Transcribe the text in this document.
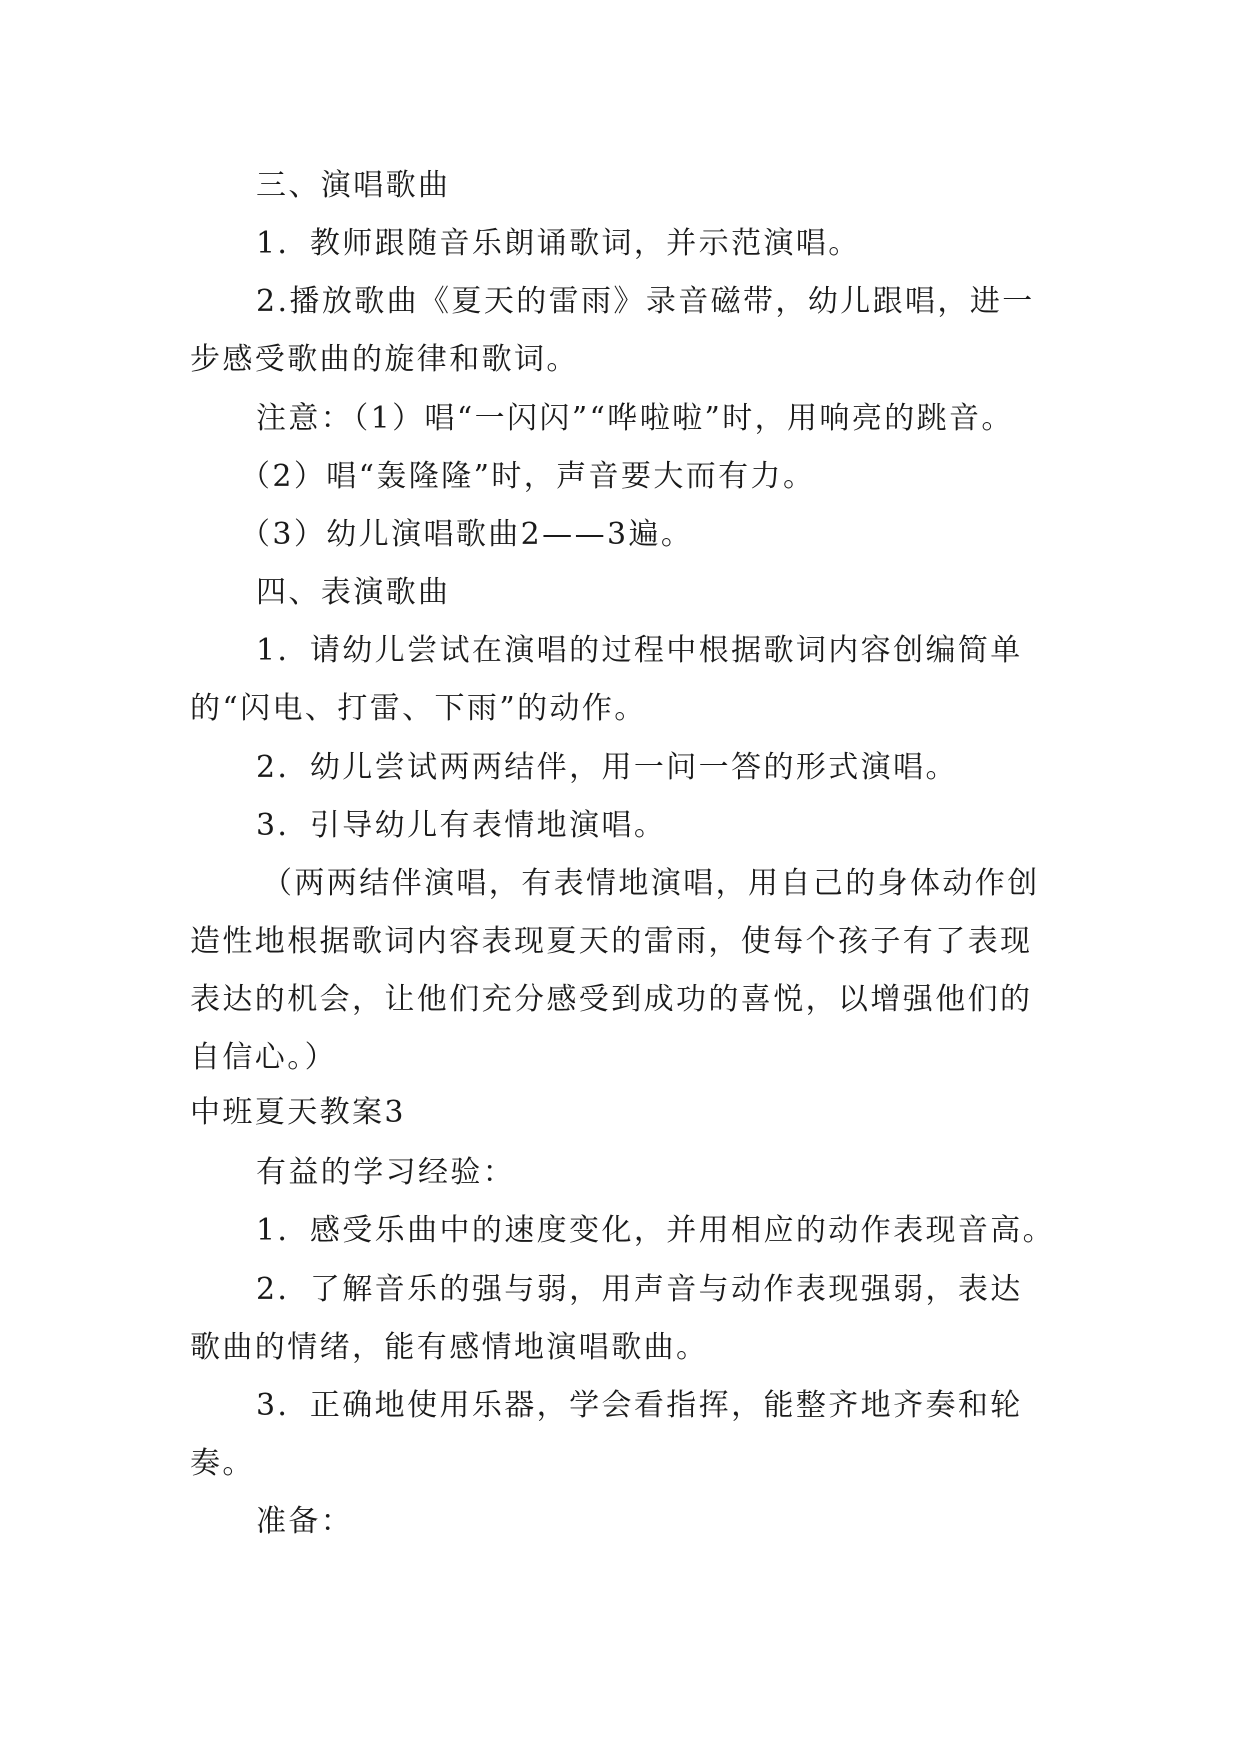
三、演唱歌曲
1．教师跟随音乐朗诵歌词，并示范演唱。
2.播放歌曲《夏天的雷雨》录音磁带，幼儿跟唱，进一
步感受歌曲的旋律和歌词。
注意：（1）唱“一闪闪”“哗啦啦”时，用响亮的跳音。
（2）唱“轰隆隆”时，声音要大而有力。
（3）幼儿演唱歌曲2——3遍。
四、表演歌曲
1．请幼儿尝试在演唱的过程中根据歌词内容创编简单
的“闪电、打雷、下雨”的动作。
2．幼儿尝试两两结伴，用一问一答的形式演唱。
3．引导幼儿有表情地演唱。
（两两结伴演唱，有表情地演唱，用自己的身体动作创
造性地根据歌词内容表现夏天的雷雨，使每个孩子有了表现
表达的机会，让他们充分感受到成功的喜悦，以增强他们的
自信心。）
中班夏天教案3
有益的学习经验：
1．感受乐曲中的速度变化，并用相应的动作表现音高。
2．了解音乐的强与弱，用声音与动作表现强弱，表达
歌曲的情绪，能有感情地演唱歌曲。
3．正确地使用乐器，学会看指挥，能整齐地齐奏和轮
奏。
准备：
